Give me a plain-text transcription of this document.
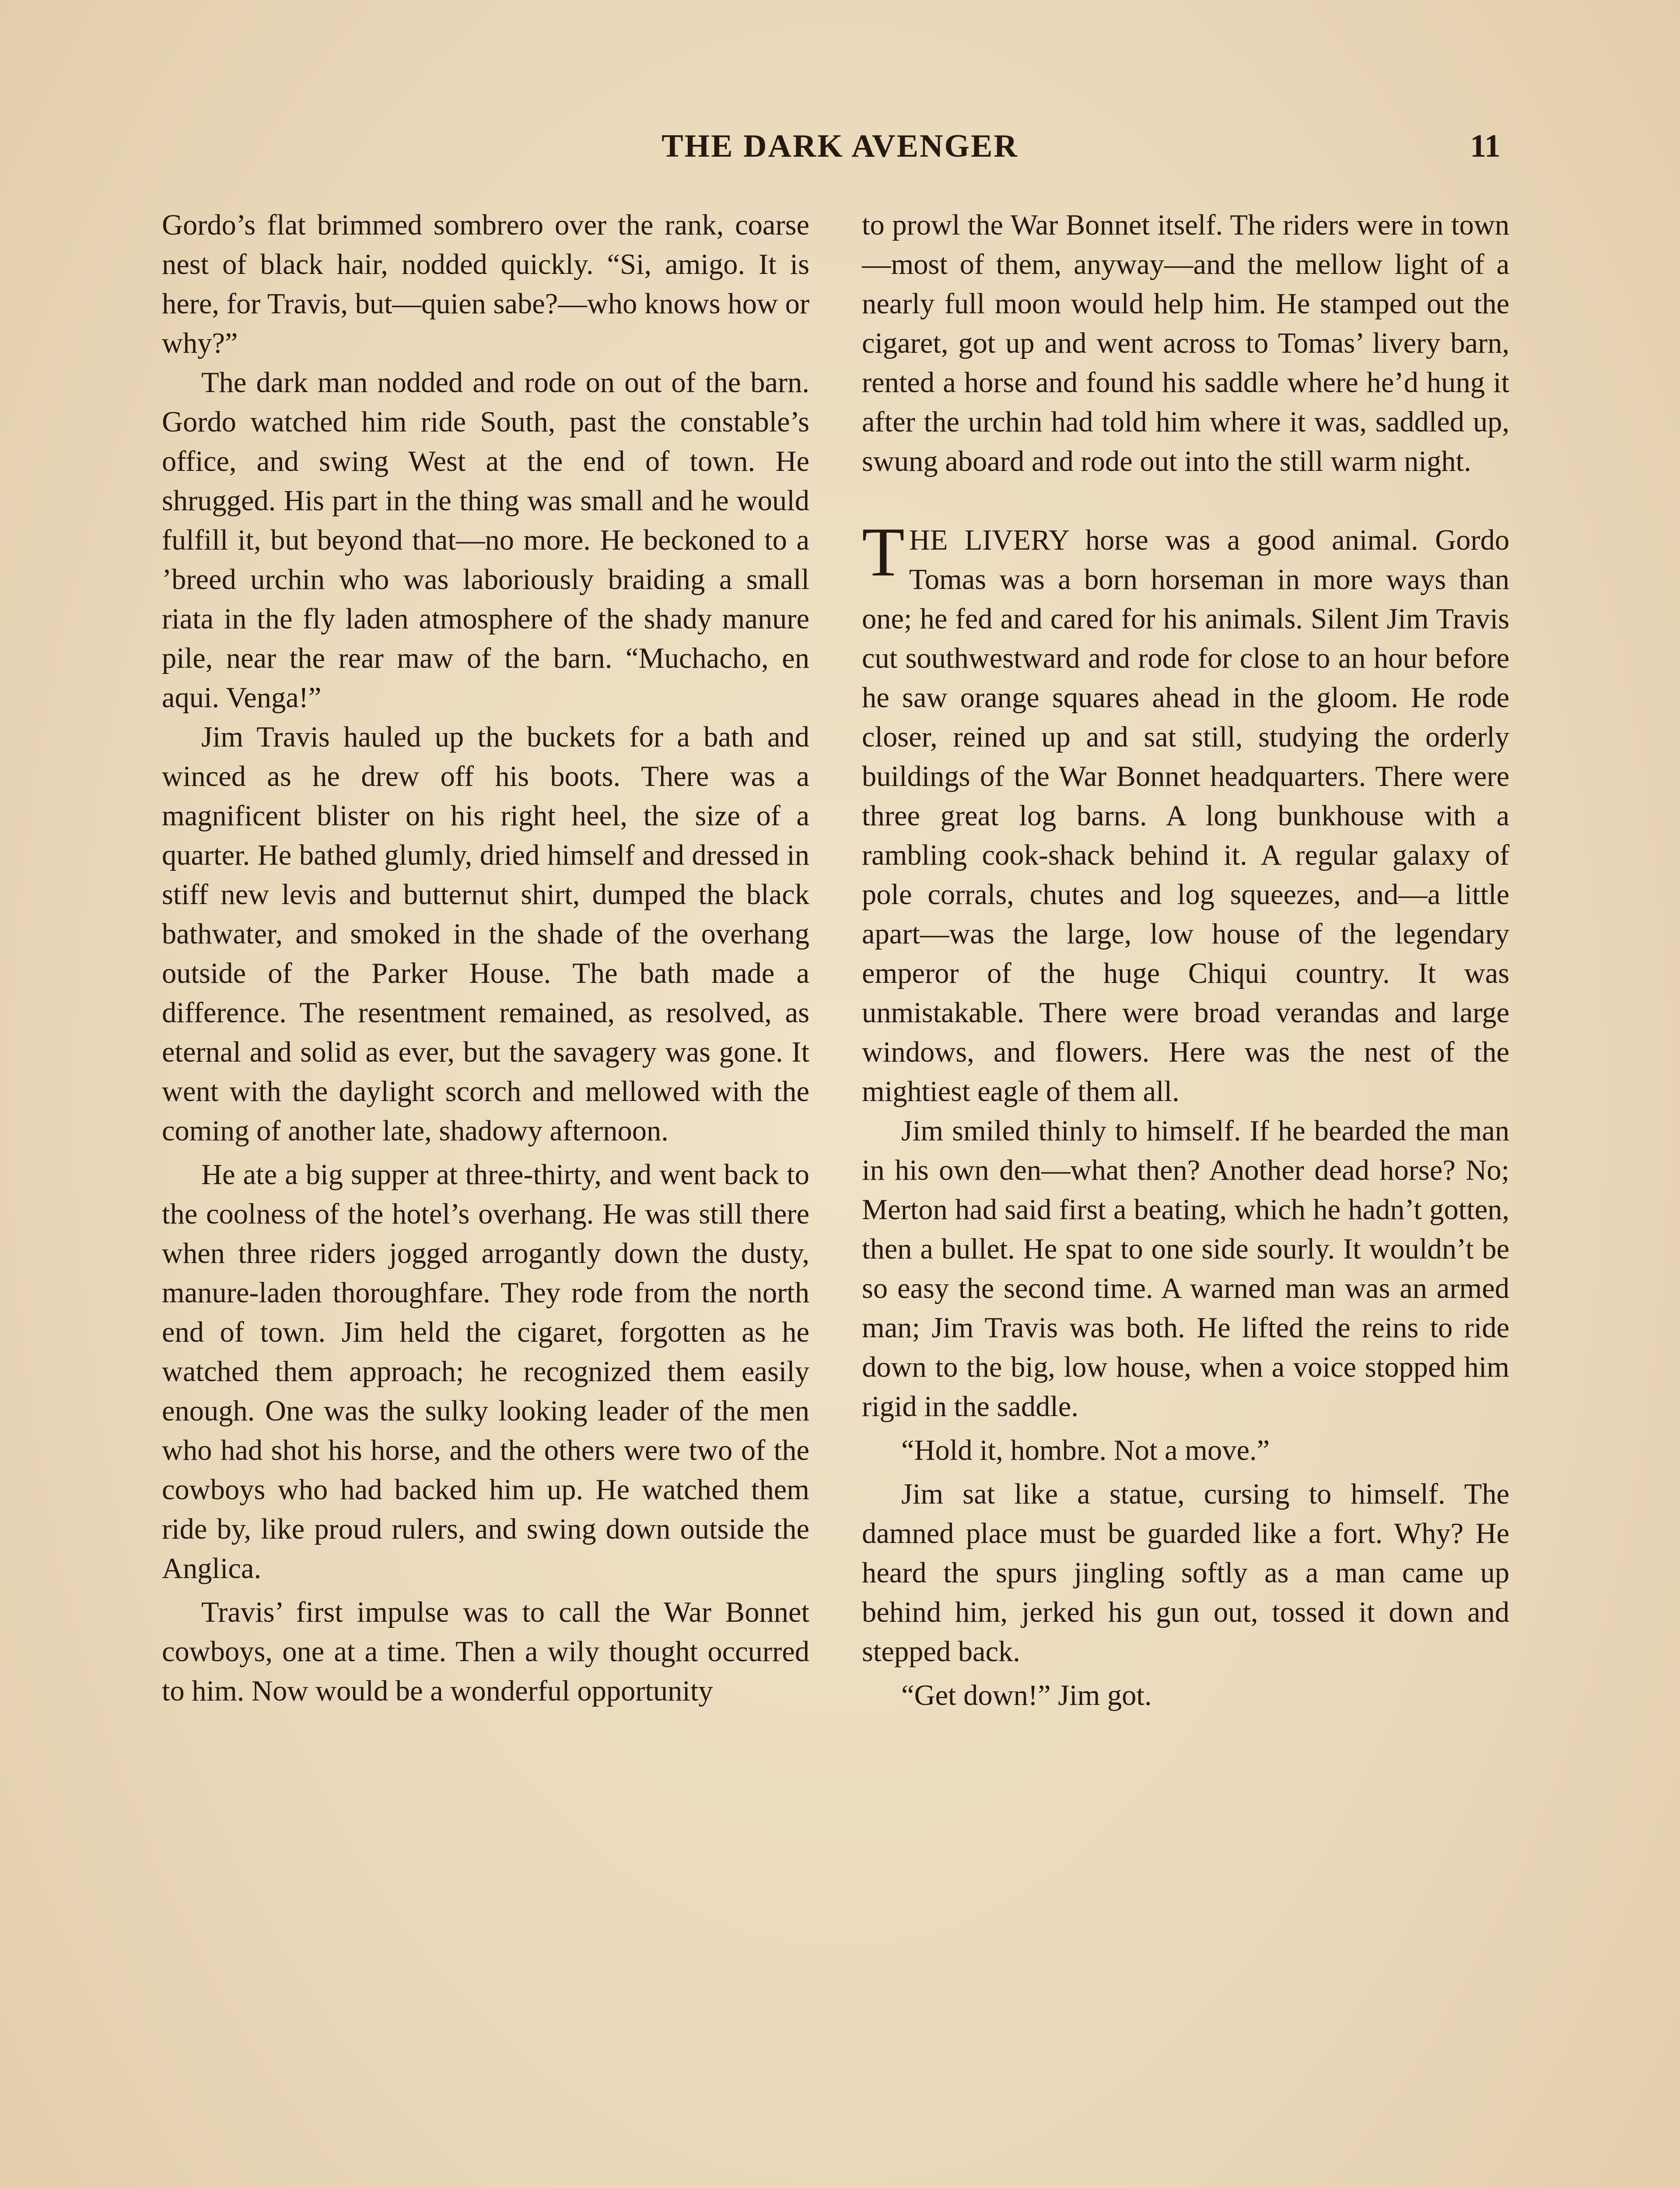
THE DARK AVENGER	11

Gordo’s flat brimmed sombrero over the rank, coarse nest of black hair, nodded quickly. “Si, amigo. It is here, for Travis, but—quien sabe?—who knows how or why?”

The dark man nodded and rode on out of the barn. Gordo watched him ride South, past the constable’s office, and swing West at the end of town. He shrugged. His part in the thing was small and he would fulfill it, but beyond that—no more. He beckoned to a ’breed urchin who was laboriously braiding a small riata in the fly laden atmosphere of the shady manure pile, near the rear maw of the barn. “Muchacho, en aqui. Venga!”

Jim Travis hauled up the buckets for a bath and winced as he drew off his boots. There was a magnificent blister on his right heel, the size of a quarter. He bathed glumly, dried himself and dressed in stiff new levis and butternut shirt, dumped the black bathwater, and smoked in the shade of the overhang outside of the Parker House. The bath made a difference. The resentment remained, as resolved, as eternal and solid as ever, but the savagery was gone. It went with the daylight scorch and mellowed with the coming of another late, shadowy afternoon.

He ate a big supper at three-thirty, and went back to the coolness of the hotel’s overhang. He was still there when three riders jogged arrogantly down the dusty, manure-laden thoroughfare. They rode from the north end of town. Jim held the cigaret, forgotten as he watched them approach; he recognized them easily enough. One was the sulky looking leader of the men who had shot his horse, and the others were two of the cowboys who had backed him up. He watched them ride by, like proud rulers, and swing down outside the Anglica.

Travis’ first impulse was to call the War Bonnet cowboys, one at a time. Then a wily thought occurred to him. Now would be a wonderful opportunity

to prowl the War Bonnet itself. The riders were in town—most of them, anyway—and the mellow light of a nearly full moon would help him. He stamped out the cigaret, got up and went across to Tomas’ livery barn, rented a horse and found his saddle where he’d hung it after the urchin had told him where it was, saddled up, swung aboard and rode out into the still warm night.

THE LIVERY horse was a good animal. Gordo Tomas was a born horseman in more ways than one; he fed and cared for his animals. Silent Jim Travis cut southwestward and rode for close to an hour before he saw orange squares ahead in the gloom. He rode closer, reined up and sat still, studying the orderly buildings of the War Bonnet headquarters. There were three great log barns. A long bunkhouse with a rambling cook-shack behind it. A regular galaxy of pole corrals, chutes and log squeezes, and—a little apart—was the large, low house of the legendary emperor of the huge Chiqui country. It was unmistakable. There were broad verandas and large windows, and flowers. Here was the nest of the mightiest eagle of them all.

Jim smiled thinly to himself. If he bearded the man in his own den—what then? Another dead horse? No; Merton had said first a beating, which he hadn’t gotten, then a bullet. He spat to one side sourly. It wouldn’t be so easy the second time. A warned man was an armed man; Jim Travis was both. He lifted the reins to ride down to the big, low house, when a voice stopped him rigid in the saddle.

“Hold it, hombre. Not a move.”

Jim sat like a statue, cursing to himself. The damned place must be guarded like a fort. Why? He heard the spurs jingling softly as a man came up behind him, jerked his gun out, tossed it down and stepped back.

“Get down!” Jim got.
